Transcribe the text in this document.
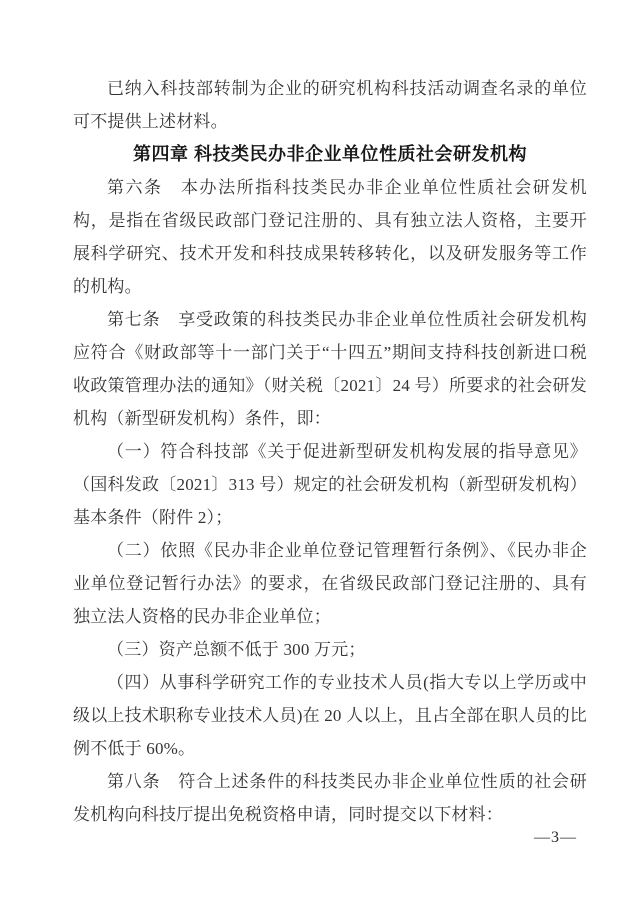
已纳入科技部转制为企业的研究机构科技活动调查名录的单位可不提供上述材料。

第四章 科技类民办非企业单位性质社会研发机构

第六条　本办法所指科技类民办非企业单位性质社会研发机构，是指在省级民政部门登记注册的、具有独立法人资格，主要开展科学研究、技术开发和科技成果转移转化，以及研发服务等工作的机构。

第七条　享受政策的科技类民办非企业单位性质社会研发机构应符合《财政部等十一部门关于“十四五”期间支持科技创新进口税收政策管理办法的通知》（财关税〔2021〕24 号）所要求的社会研发机构（新型研发机构）条件，即：

（一）符合科技部《关于促进新型研发机构发展的指导意见》（国科发政〔2021〕313 号）规定的社会研发机构（新型研发机构）基本条件（附件 2）；

（二）依照《民办非企业单位登记管理暂行条例》、《民办非企业单位登记暂行办法》的要求，在省级民政部门登记注册的、具有独立法人资格的民办非企业单位；

（三）资产总额不低于 300 万元；

（四）从事科学研究工作的专业技术人员(指大专以上学历或中级以上技术职称专业技术人员)在 20 人以上，且占全部在职人员的比例不低于 60%。

第八条　符合上述条件的科技类民办非企业单位性质的社会研发机构向科技厅提出免税资格申请，同时提交以下材料：

—3—
